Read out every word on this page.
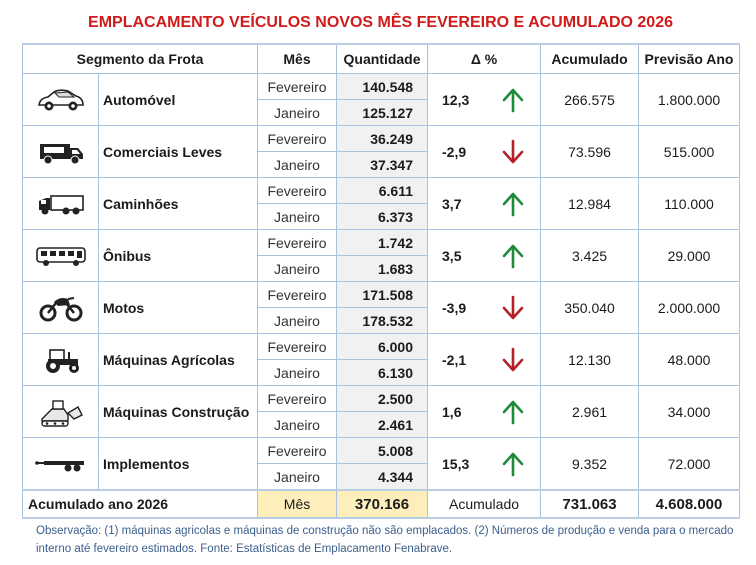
EMPLACAMENTO VEÍCULOS NOVOS MÊS FEVEREIRO E ACUMULADO 2026
Segmento da Frota		Mês	Quantidade	Δ %		Acumulado	Previsão Ano

	Automóvel	Fevereiro	140.548	12,3		266.575	1.800.000
		Janeiro	125.127				

	Comerciais Leves	Fevereiro	36.249	-2,9		73.596	515.000
		Janeiro	37.347				

	Caminhões	Fevereiro	6.611	3,7		12.984	110.000
		Janeiro	6.373				

	Ônibus	Fevereiro	1.742	3,5		3.425	29.000
		Janeiro	1.683				

	Motos	Fevereiro	171.508	-3,9		350.040	2.000.000
		Janeiro	178.532				

	Máquinas Agrícolas	Fevereiro	6.000	-2,1		12.130	48.000
		Janeiro	6.130				

	Máquinas Construção	Fevereiro	2.500	1,6		2.961	34.000
		Janeiro	2.461				

	Implementos	Fevereiro	5.008	15,3		9.352	72.000
		Janeiro	4.344				
Acumulado ano 2026		Mês	370.166	Acumulado		731.063	4.608.000
Observação: (1) máquinas agricolas e máquinas de construção não são emplacados. (2) Números de produção e venda para o mercado interno até fevereiro estimados. Fonte: Estatísticas de Emplacamento Fenabrave.
